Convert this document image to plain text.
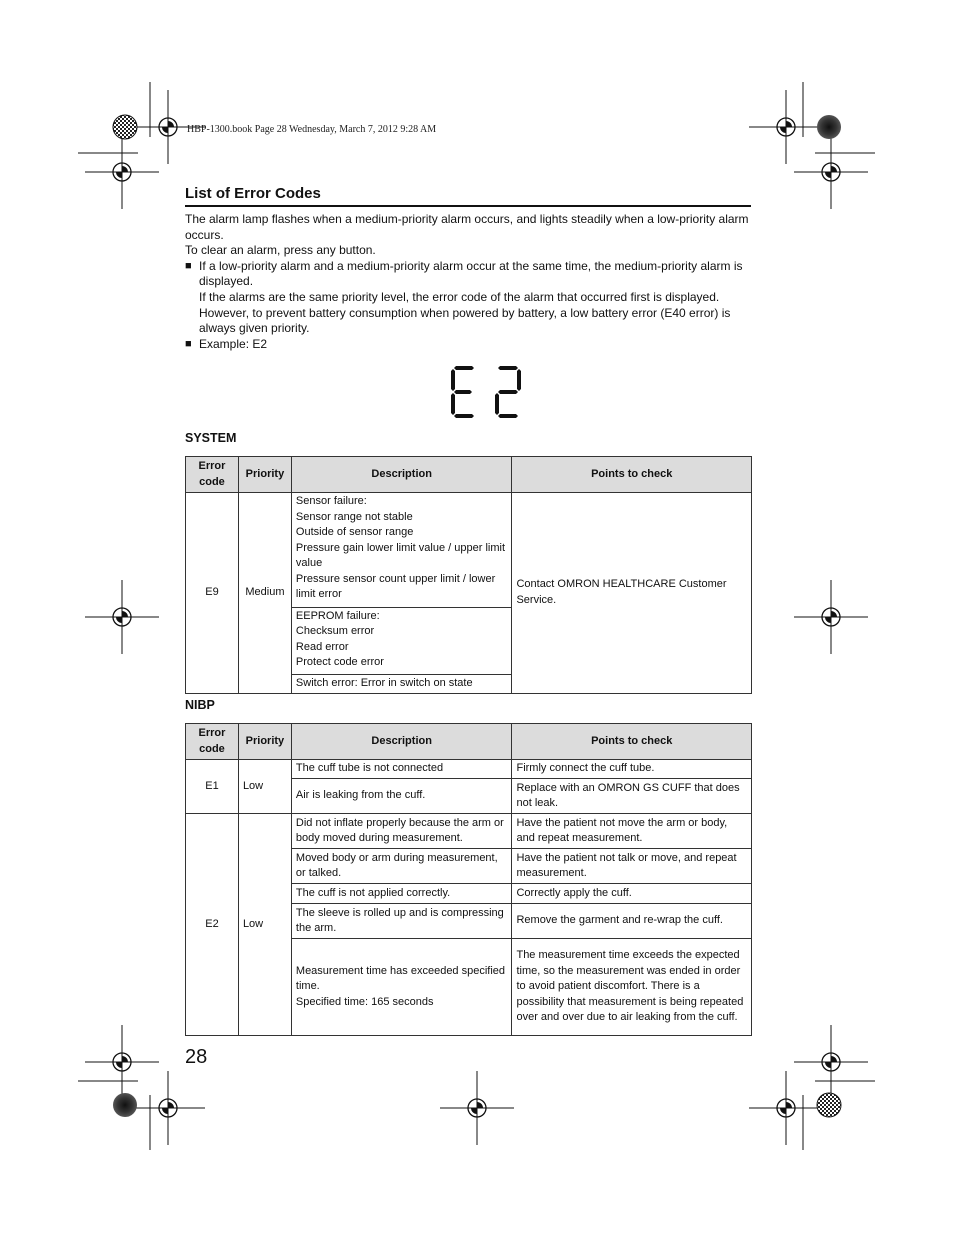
HBP-1300.book Page 28 Wednesday, March 7, 2012 9:28 AM
List of Error Codes

The alarm lamp flashes when a medium-priority alarm occurs, and lights steadily when a low-priority alarm occurs.

To clear an alarm, press any button.

■ If a low-priority alarm and a medium-priority alarm occur at the same time, the medium-priority alarm is displayed.

If the alarms are the same priority level, the error code of the alarm that occurred first is displayed. However, to prevent battery consumption when powered by battery, a low battery error (E40 error) is always given priority.

■ Example: E2
SYSTEM
Error
code	Priority	Description	Points to check
E9	Medium	Sensor failure:
Sensor range not stable
Outside of sensor range
Pressure gain lower limit value / upper limit value
Pressure sensor count upper limit / lower limit error	Contact OMRON HEALTHCARE Customer Service.
		EEPROM failure:
Checksum error
Read error
Protect code error	
		Switch error: Error in switch on state	
NIBP
Error
code	Priority	Description	Points to check
E1	Low	The cuff tube is not connected	Firmly connect the cuff tube.
		Air is leaking from the cuff.	Replace with an OMRON GS CUFF that does not leak.
E2	Low	Did not inflate properly because the arm or body moved during measurement.	Have the patient not move the arm or body, and repeat measurement.
		Moved body or arm during measurement, or talked.	Have the patient not talk or move, and repeat measurement.
		The cuff is not applied correctly.	Correctly apply the cuff.
		The sleeve is rolled up and is compressing the arm.	Remove the garment and re-wrap the cuff.
		Measurement time has exceeded specified time.
Specified time: 165 seconds	The measurement time exceeds the expected time, so the measurement was ended in order to avoid patient discomfort. There is a possibility that measurement is being repeated over and over due to air leaking from the cuff.
28
